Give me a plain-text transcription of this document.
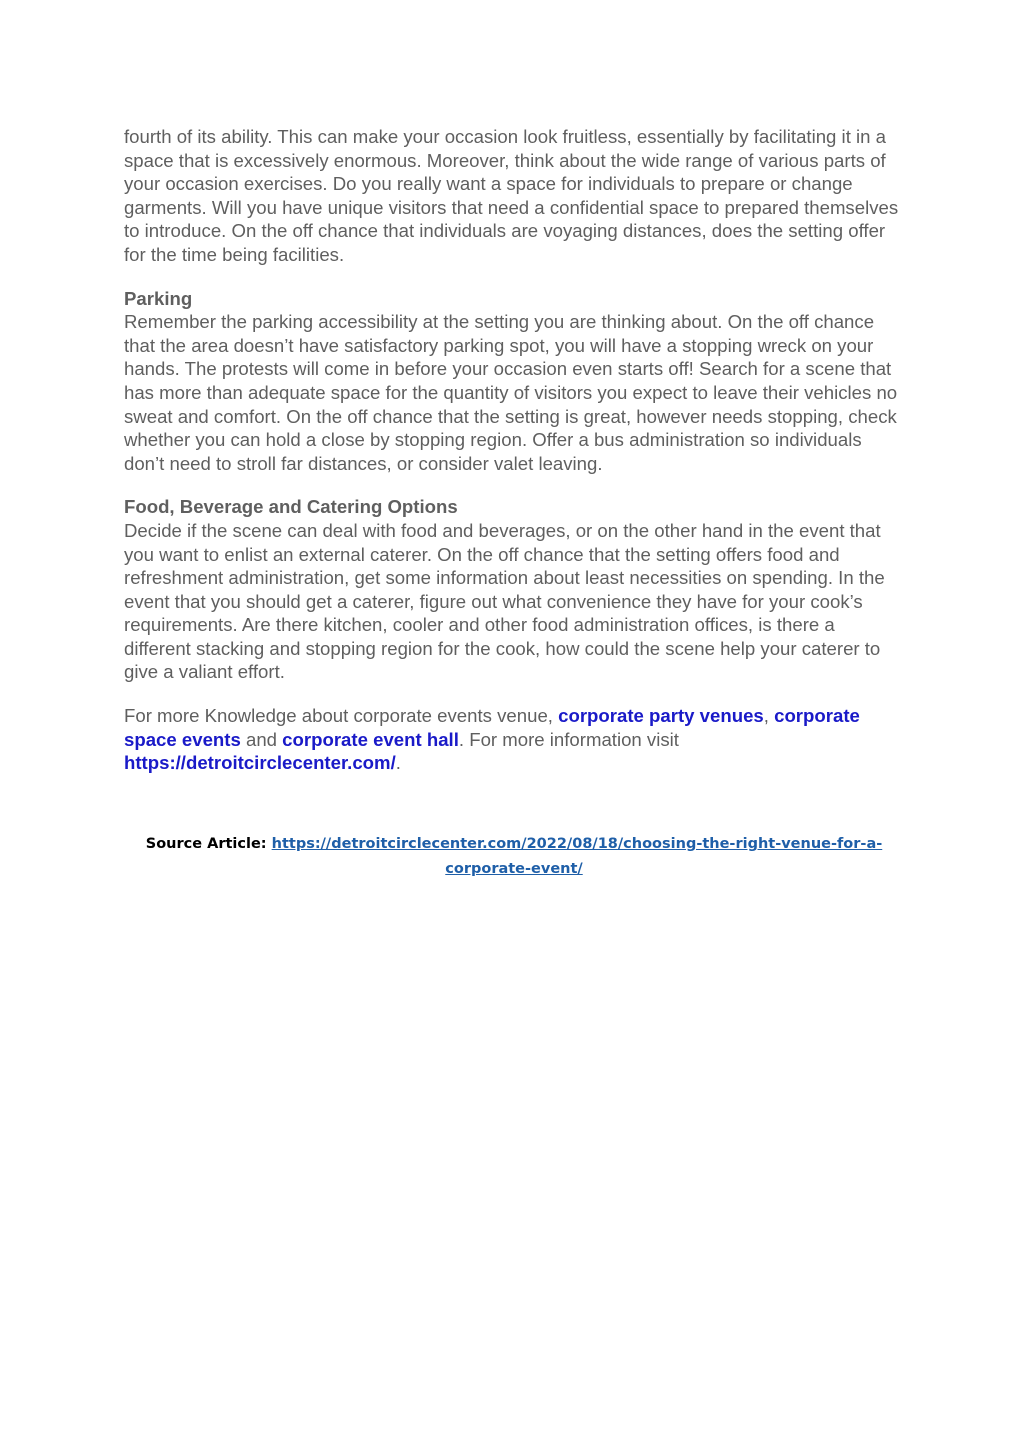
fourth of its ability. This can make your occasion look fruitless, essentially by facilitating it in a space that is excessively enormous. Moreover, think about the wide range of various parts of your occasion exercises. Do you really want a space for individuals to prepare or change garments. Will you have unique visitors that need a confidential space to prepared themselves to introduce. On the off chance that individuals are voyaging distances, does the setting offer for the time being facilities.

Parking

Remember the parking accessibility at the setting you are thinking about. On the off chance that the area doesn’t have satisfactory parking spot, you will have a stopping wreck on your hands. The protests will come in before your occasion even starts off! Search for a scene that has more than adequate space for the quantity of visitors you expect to leave their vehicles no sweat and comfort. On the off chance that the setting is great, however needs stopping, check whether you can hold a close by stopping region. Offer a bus administration so individuals don’t need to stroll far distances, or consider valet leaving.

Food, Beverage and Catering Options

Decide if the scene can deal with food and beverages, or on the other hand in the event that you want to enlist an external caterer. On the off chance that the setting offers food and refreshment administration, get some information about least necessities on spending. In the event that you should get a caterer, figure out what convenience they have for your cook’s requirements. Are there kitchen, cooler and other food administration offices, is there a different stacking and stopping region for the cook, how could the scene help your caterer to give a valiant effort.

For more Knowledge about corporate events venue, corporate party venues, corporate space events and corporate event hall. For more information visit https://detroitcirclecenter.com/.

Source Article: https://detroitcirclecenter.com/2022/08/18/choosing-the-right-venue-for-a-corporate-event/
